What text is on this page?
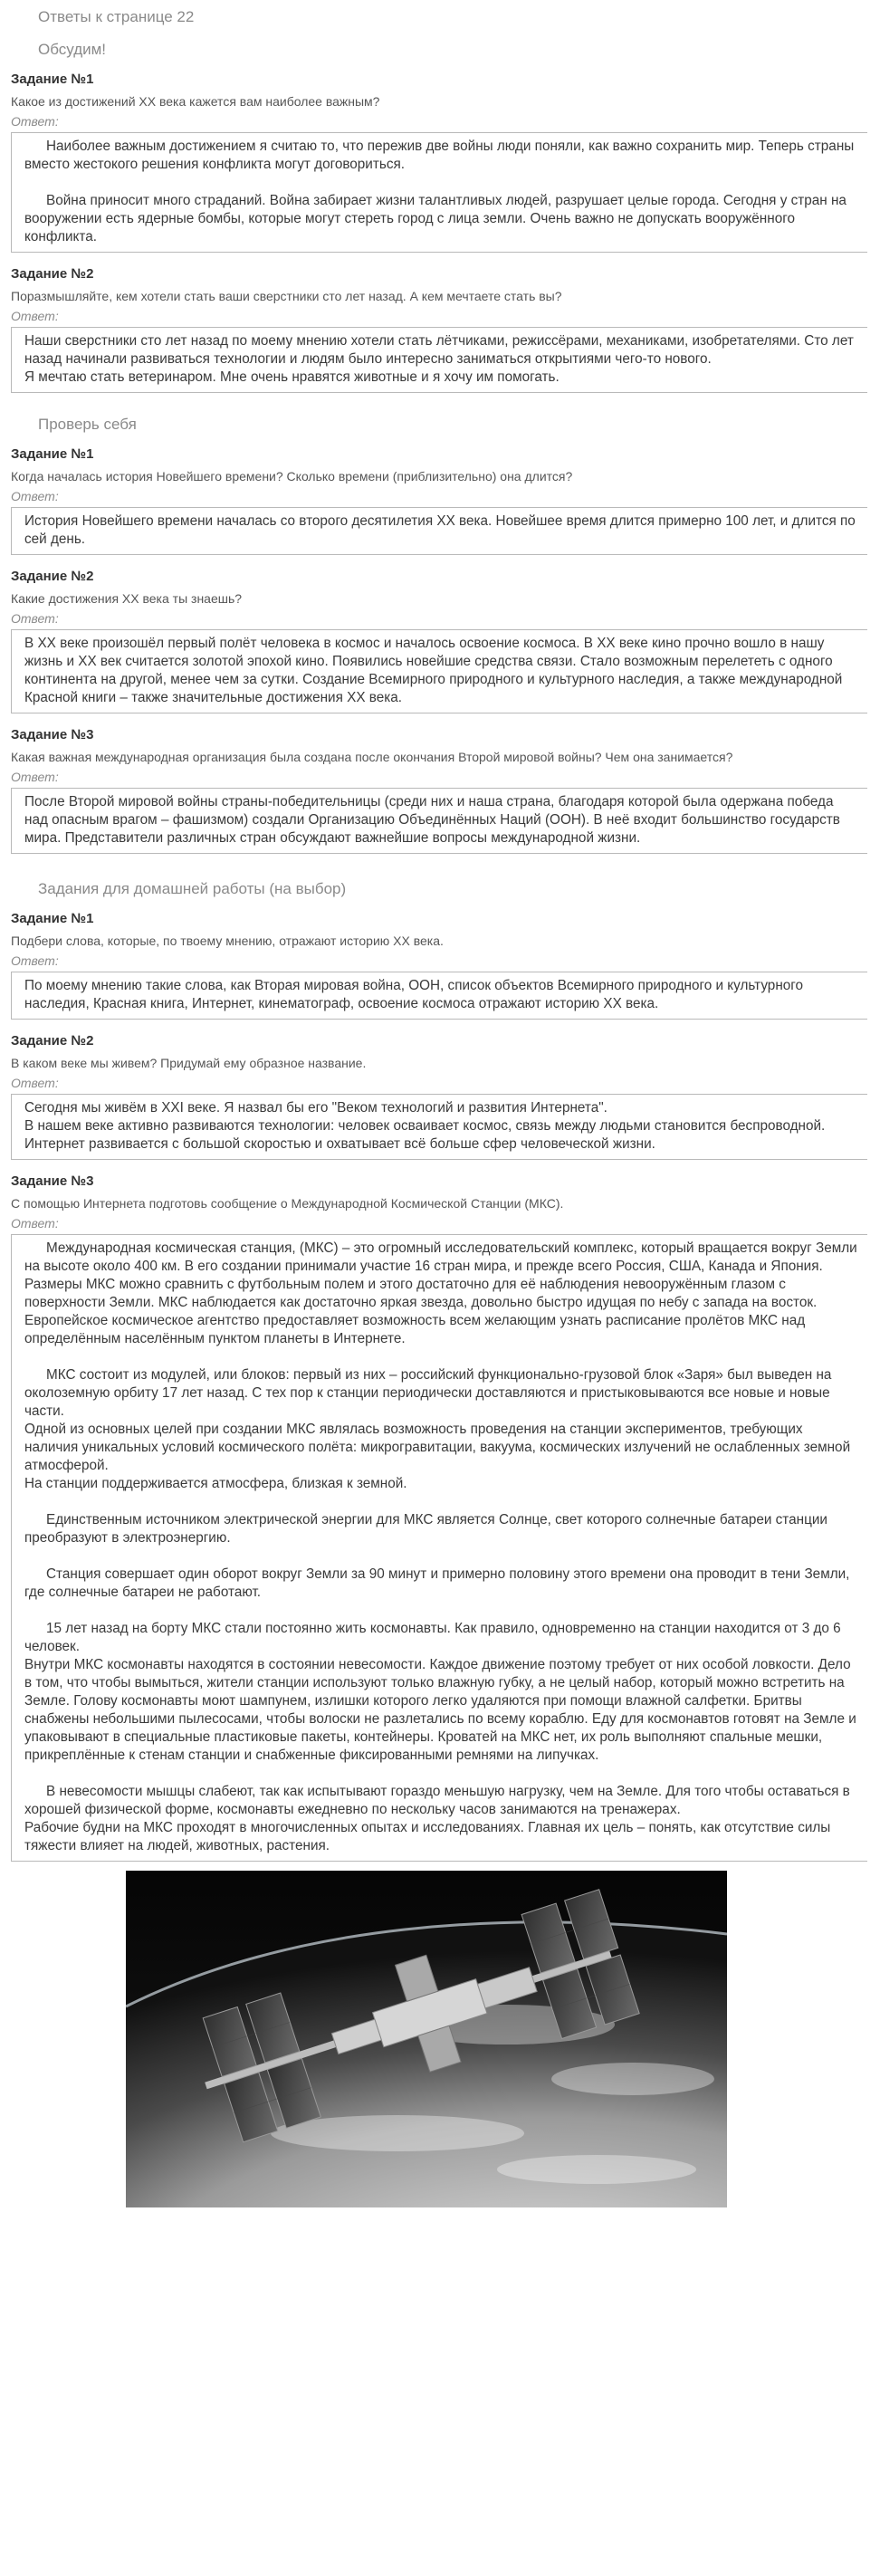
Ответы к странице 22
Обсудим!
Задание №1
Какое из достижений XX века кажется вам наиболее важным?
Ответ:

Наиболее важным достижением я считаю то, что пережив две войны люди поняли, как важно сохранить мир. Теперь страны вместо жестокого решения конфликта могут договориться.

Война приносит много страданий. Война забирает жизни талантливых людей, разрушает целые города. Сегодня у стран на вооружении есть ядерные бомбы, которые могут стереть город с лица земли. Очень важно не допускать вооружённого конфликта.

Задание №2
Поразмышляйте, кем хотели стать ваши сверстники сто лет назад. А кем мечтаете стать вы?
Ответ:

Наши сверстники сто лет назад по моему мнению хотели стать лётчиками, режиссёрами, механиками, изобретателями. Сто лет назад начинали развиваться технологии и людям было интересно заниматься открытиями чего-то нового.

Я мечтаю стать ветеринаром. Мне очень нравятся животные и я хочу им помогать.

Проверь себя
Задание №1
Когда началась история Новейшего времени? Сколько времени (приблизительно) она длится?
Ответ:

История Новейшего времени началась со второго десятилетия XX века. Новейшее время длится примерно 100 лет, и длится по сей день.

Задание №2
Какие достижения XX века ты знаешь?
Ответ:

В XX веке произошёл первый полёт человека в космос и началось освоение космоса. В XX веке кино прочно вошло в нашу жизнь и XX век считается золотой эпохой кино. Появились новейшие средства связи. Стало возможным перелететь с одного континента на другой, менее чем за сутки. Создание Всемирного природного и культурного наследия, а также международной Красной книги – также значительные достижения XX века.

Задание №3
Какая важная международная организация была создана после окончания Второй мировой войны? Чем она занимается?
Ответ:

После Второй мировой войны страны-победительницы (среди них и наша страна, благодаря которой была одержана победа над опасным врагом – фашизмом) создали Организацию Объединённых Наций (ООН). В неё входит большинство государств мира. Представители различных стран обсуждают важнейшие вопросы международной жизни.

Задания для домашней работы (на выбор)
Задание №1
Подбери слова, которые, по твоему мнению, отражают историю XX века.
Ответ:

По моему мнению такие слова, как Вторая мировая война, ООН, список объектов Всемирного природного и культурного наследия, Красная книга, Интернет, кинематограф, освоение космоса отражают историю XX века.

Задание №2
В каком веке мы живем? Придумай ему образное название.
Ответ:

Сегодня мы живём в XXI веке. Я назвал бы его "Веком технологий и развития Интернета".

В нашем веке активно развиваются технологии: человек осваивает космос, связь между людьми становится беспроводной. Интернет развивается с большой скоростью и охватывает всё больше сфер человеческой жизни.

Задание №3
С помощью Интернета подготовь сообщение о Международной Космической Станции (МКС).
Ответ:

Международная космическая станция, (МКС) – это огромный исследовательский комплекс, который вращается вокруг Земли на высоте около 400 км. В его создании принимали участие 16 стран мира, и прежде всего Россия, США, Канада и Япония.

Размеры МКС можно сравнить с футбольным полем и этого достаточно для её наблюдения невооружённым глазом с поверхности Земли. МКС наблюдается как достаточно яркая звезда, довольно быстро идущая по небу с запада на восток. Европейское космическое агентство предоставляет возможность всем желающим узнать расписание пролётов МКС над определённым населённым пунктом планеты в Интернете.

МКС состоит из модулей, или блоков: первый из них – российский функционально-грузовой блок «Заря» был выведен на околоземную орбиту 17 лет назад. С тех пор к станции периодически доставляются и пристыковываются все новые и новые части.

Одной из основных целей при создании МКС являлась возможность проведения на станции экспериментов, требующих наличия уникальных условий космического полёта: микрогравитации, вакуума, космических излучений не ослабленных земной атмосферой.

На станции поддерживается атмосфера, близкая к земной.

Единственным источником электрической энергии для МКС является Солнце, свет которого солнечные батареи станции преобразуют в электроэнергию.

Станция совершает один оборот вокруг Земли за 90 минут и примерно половину этого времени она проводит в тени Земли, где солнечные батареи не работают.

15 лет назад на борту МКС стали постоянно жить космонавты. Как правило, одновременно на станции находится от 3 до 6 человек.

Внутри МКС космонавты находятся в состоянии невесомости. Каждое движение поэтому требует от них особой ловкости. Дело в том, что чтобы вымыться, жители станции используют только влажную губку, а не целый набор, который можно встретить на Земле. Голову космонавты моют шампунем, излишки которого легко удаляются при помощи влажной салфетки. Бритвы снабжены небольшими пылесосами, чтобы волоски не разлетались по всему кораблю. Еду для космонавтов готовят на Земле и упаковывают в специальные пластиковые пакеты, контейнеры. Кроватей на МКС нет, их роль выполняют спальные мешки, прикреплённые к стенам станции и снабженные фиксированными ремнями на липучках.

В невесомости мышцы слабеют, так как испытывают гораздо меньшую нагрузку, чем на Земле. Для того чтобы оставаться в хорошей физической форме, космонавты ежедневно по нескольку часов занимаются на тренажерах.

Рабочие будни на МКС проходят в многочисленных опытах и исследованиях. Главная их цель – понять, как отсутствие силы тяжести влияет на людей, животных, растения.
